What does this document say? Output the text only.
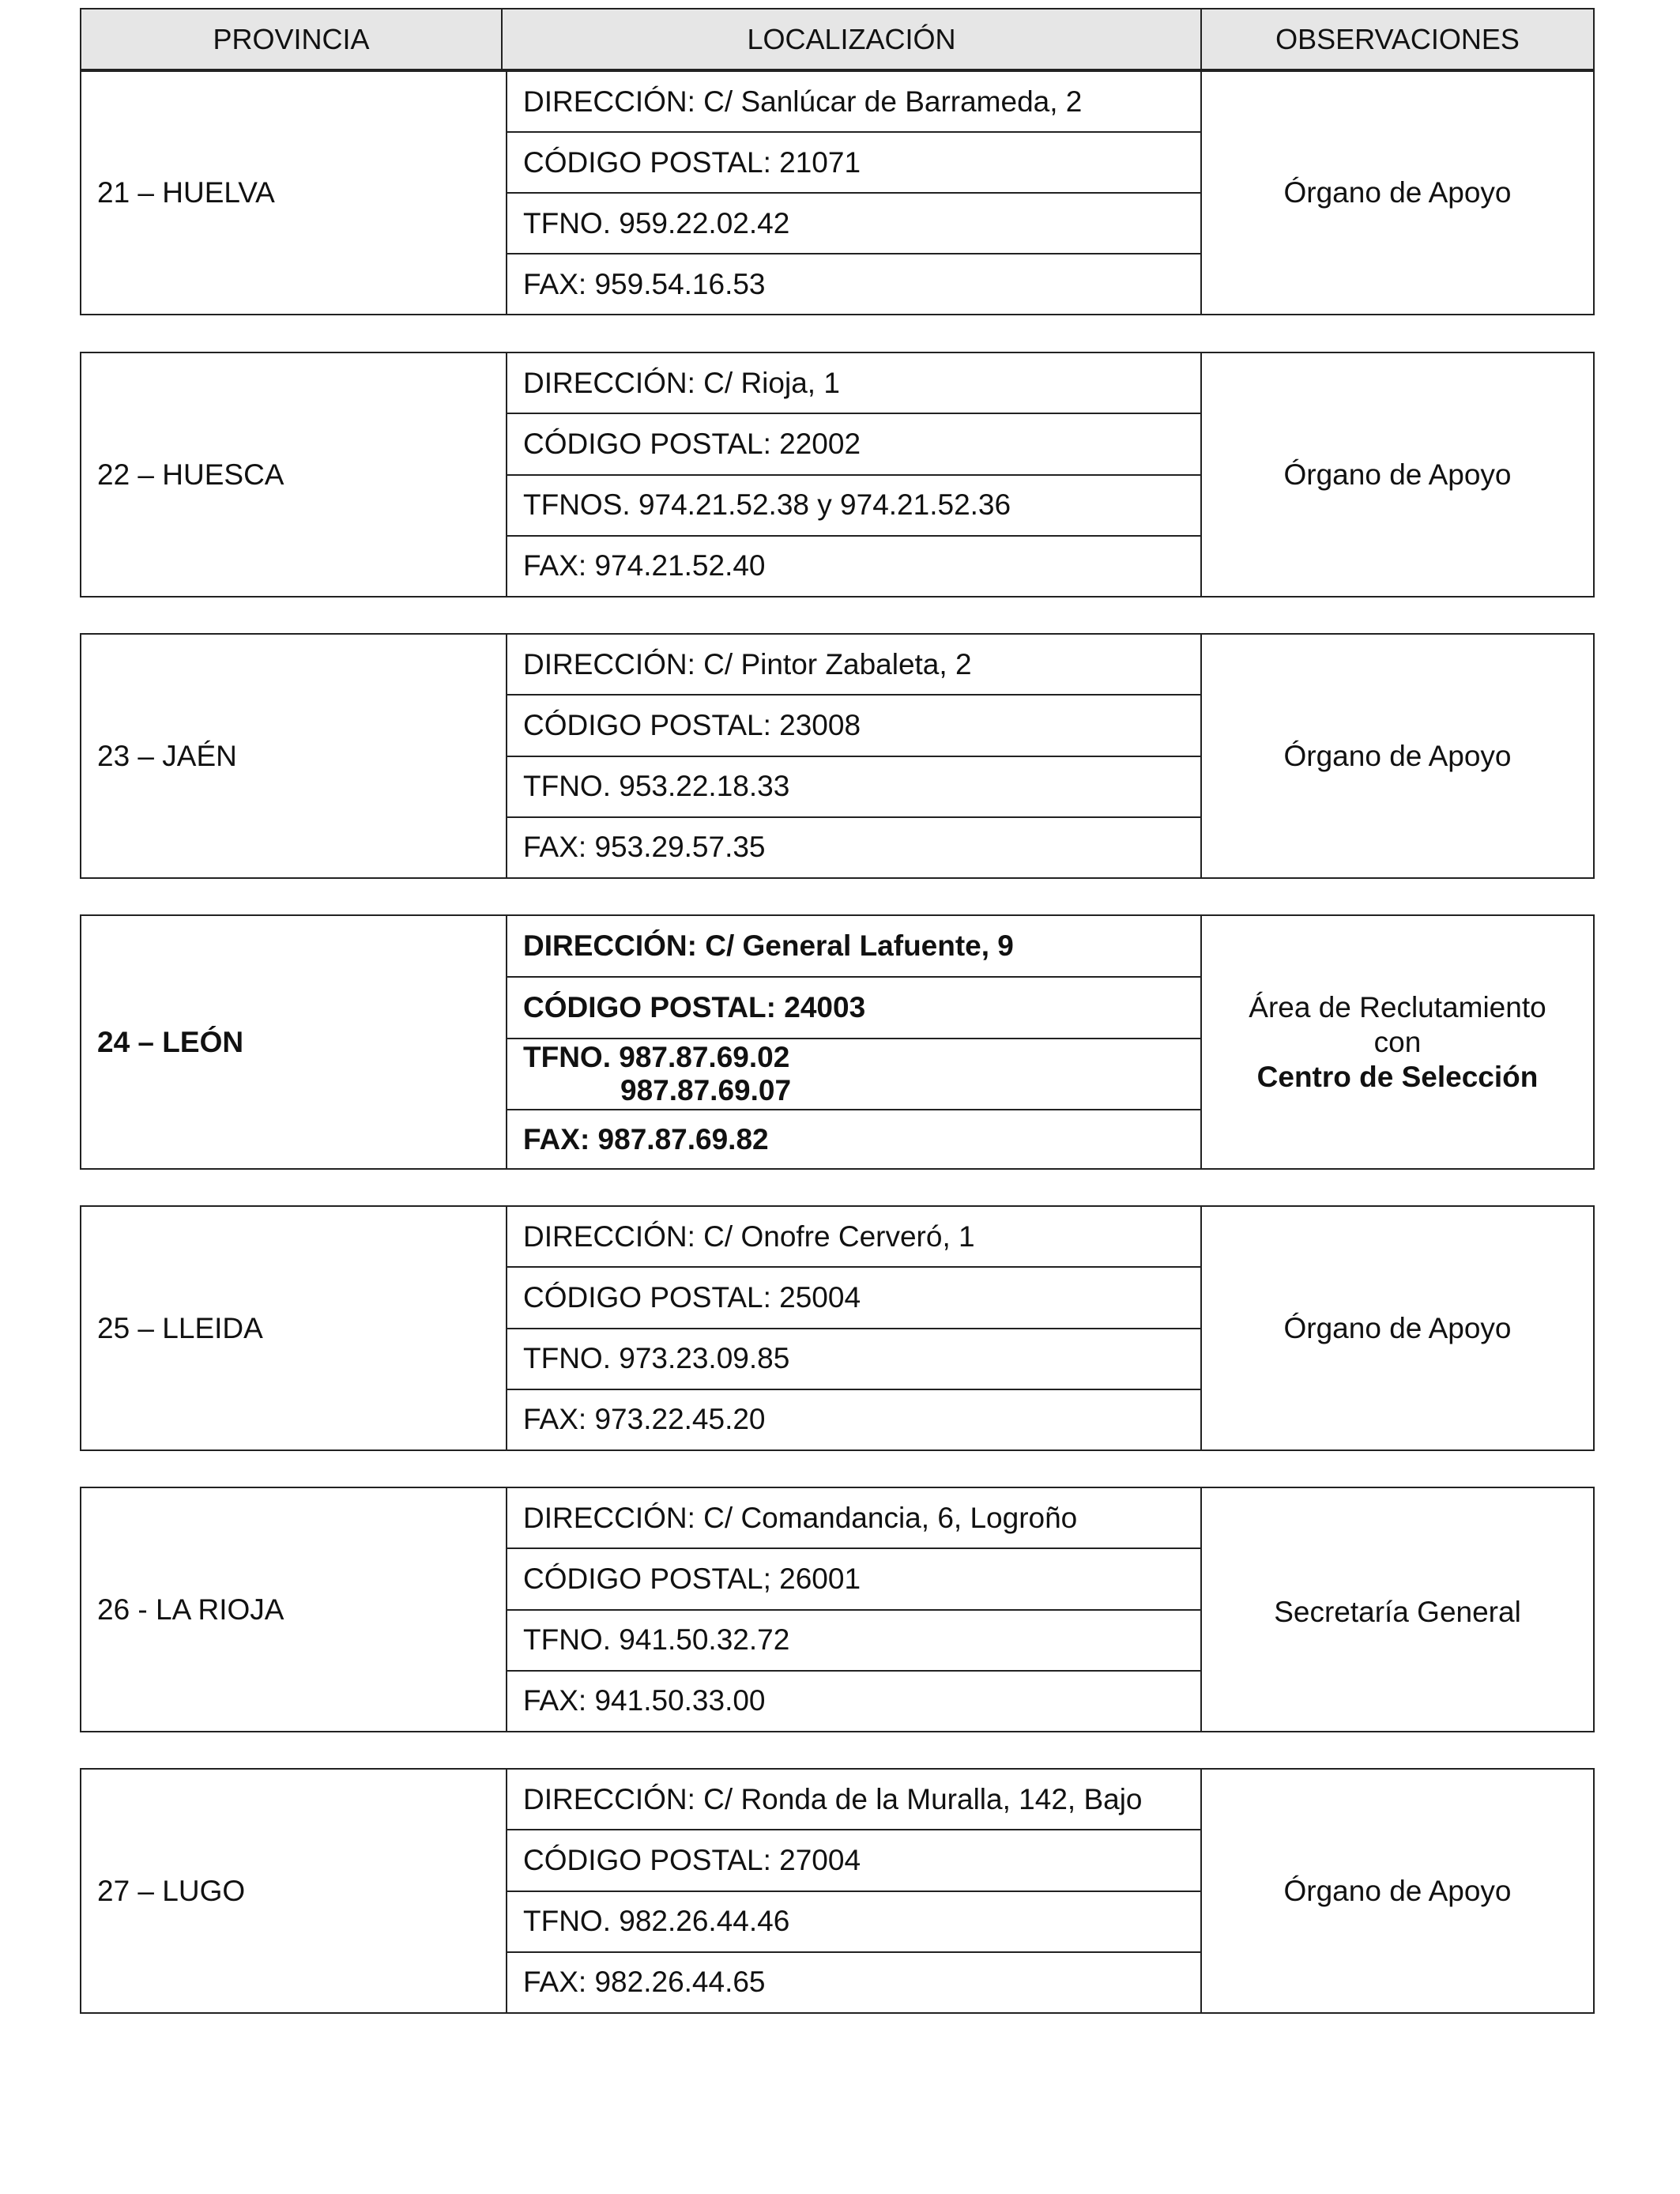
PROVINCIA	LOCALIZACIÓN	OBSERVACIONES
21 – HUELVA
DIRECCIÓN: C/ Sanlúcar de Barrameda, 2
CÓDIGO POSTAL: 21071
TFNO. 959.22.02.42
FAX: 959.54.16.53
Órgano de Apoyo
22 – HUESCA
DIRECCIÓN: C/ Rioja, 1
CÓDIGO POSTAL: 22002
TFNOS. 974.21.52.38 y 974.21.52.36
FAX: 974.21.52.40
Órgano de Apoyo
23 – JAÉN
DIRECCIÓN: C/ Pintor Zabaleta, 2
CÓDIGO POSTAL: 23008
TFNO. 953.22.18.33
FAX: 953.29.57.35
Órgano de Apoyo
24 – LEÓN
DIRECCIÓN: C/ General Lafuente, 9
CÓDIGO POSTAL: 24003
TFNO. 987.87.69.02
987.87.69.07
FAX: 987.87.69.82
Área de Reclutamiento
con
Centro de Selección
25 – LLEIDA
DIRECCIÓN: C/ Onofre Cerveró, 1
CÓDIGO POSTAL: 25004
TFNO. 973.23.09.85
FAX: 973.22.45.20
Órgano de Apoyo
26 - LA RIOJA
DIRECCIÓN: C/ Comandancia, 6, Logroño
CÓDIGO POSTAL; 26001
TFNO. 941.50.32.72
FAX: 941.50.33.00
Secretaría General
27 – LUGO
DIRECCIÓN: C/ Ronda de la Muralla, 142, Bajo
CÓDIGO POSTAL: 27004
TFNO. 982.26.44.46
FAX: 982.26.44.65
Órgano de Apoyo
